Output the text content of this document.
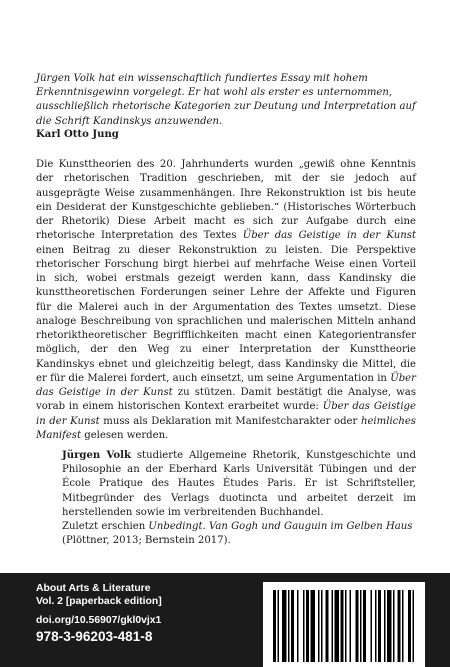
Jürgen Volk hat ein wissenschaftlich fundiertes Essay mit hohem Erkenntnisgewinn vorgelegt. Er hat wohl als erster es unternommen, ausschließlich rhetorische Kategorien zur Deutung und Interpretation auf die Schrift Kandinskys anzuwenden.
Karl Otto Jung

Die Kunsttheorien des 20. Jahrhunderts wurden „gewiß ohne Kenntnis der rhetorischen Tradition geschrieben, mit der sie jedoch auf ausgeprägte Weise zusammenhängen. Ihre Rekonstruktion ist bis heute ein Desiderat der Kunstgeschichte geblieben.“ (Historisches Wörterbuch der Rhetorik) Diese Arbeit macht es sich zur Aufgabe durch eine rhetorische Interpretation des Textes Über das Geistige in der Kunst einen Beitrag zu dieser Rekonstruktion zu leisten. Die Perspektive rhetorischer Forschung birgt hierbei auf mehrfache Weise einen Vorteil in sich, wobei erstmals gezeigt werden kann, dass Kandinsky die kunsttheoretischen Forderungen seiner Lehre der Affekte und Figuren für die Malerei auch in der Argumentation des Textes umsetzt. Diese analoge Beschreibung von sprachlichen und malerischen Mitteln anhand rhetoriktheoretischer Begrifflichkeiten macht einen Kategorientransfer möglich, der den Weg zu einer Interpretation der Kunsttheorie Kandinskys ebnet und gleichzeitig belegt, dass Kandinsky die Mittel, die er für die Malerei fordert, auch einsetzt, um seine Argumentation in Über das Geistige in der Kunst zu stützen. Damit bestätigt die Analyse, was vorab in einem historischen Kontext erarbeitet wurde: Über das Geistige in der Kunst muss als Deklaration mit Manifestcharakter oder heimliches Manifest gelesen werden.

Jürgen Volk studierte Allgemeine Rhetorik, Kunstgeschichte und Philosophie an der Eberhard Karls Universität Tübingen und der École Pratique des Hautes Études Paris. Er ist Schriftsteller, Mitbegründer des Verlags duotincta und arbeitet derzeit im herstellenden sowie im verbreitenden Buchhandel.

Zuletzt erschien Unbedingt. Van Gogh und Gauguin im Gelben Haus
(Plöttner, 2013; Bernstein 2017).

About Arts & Literature
Vol. 2 [paperback edition]
doi.org/10.56907/gkl0vjx1
978-3-96203-481-8
